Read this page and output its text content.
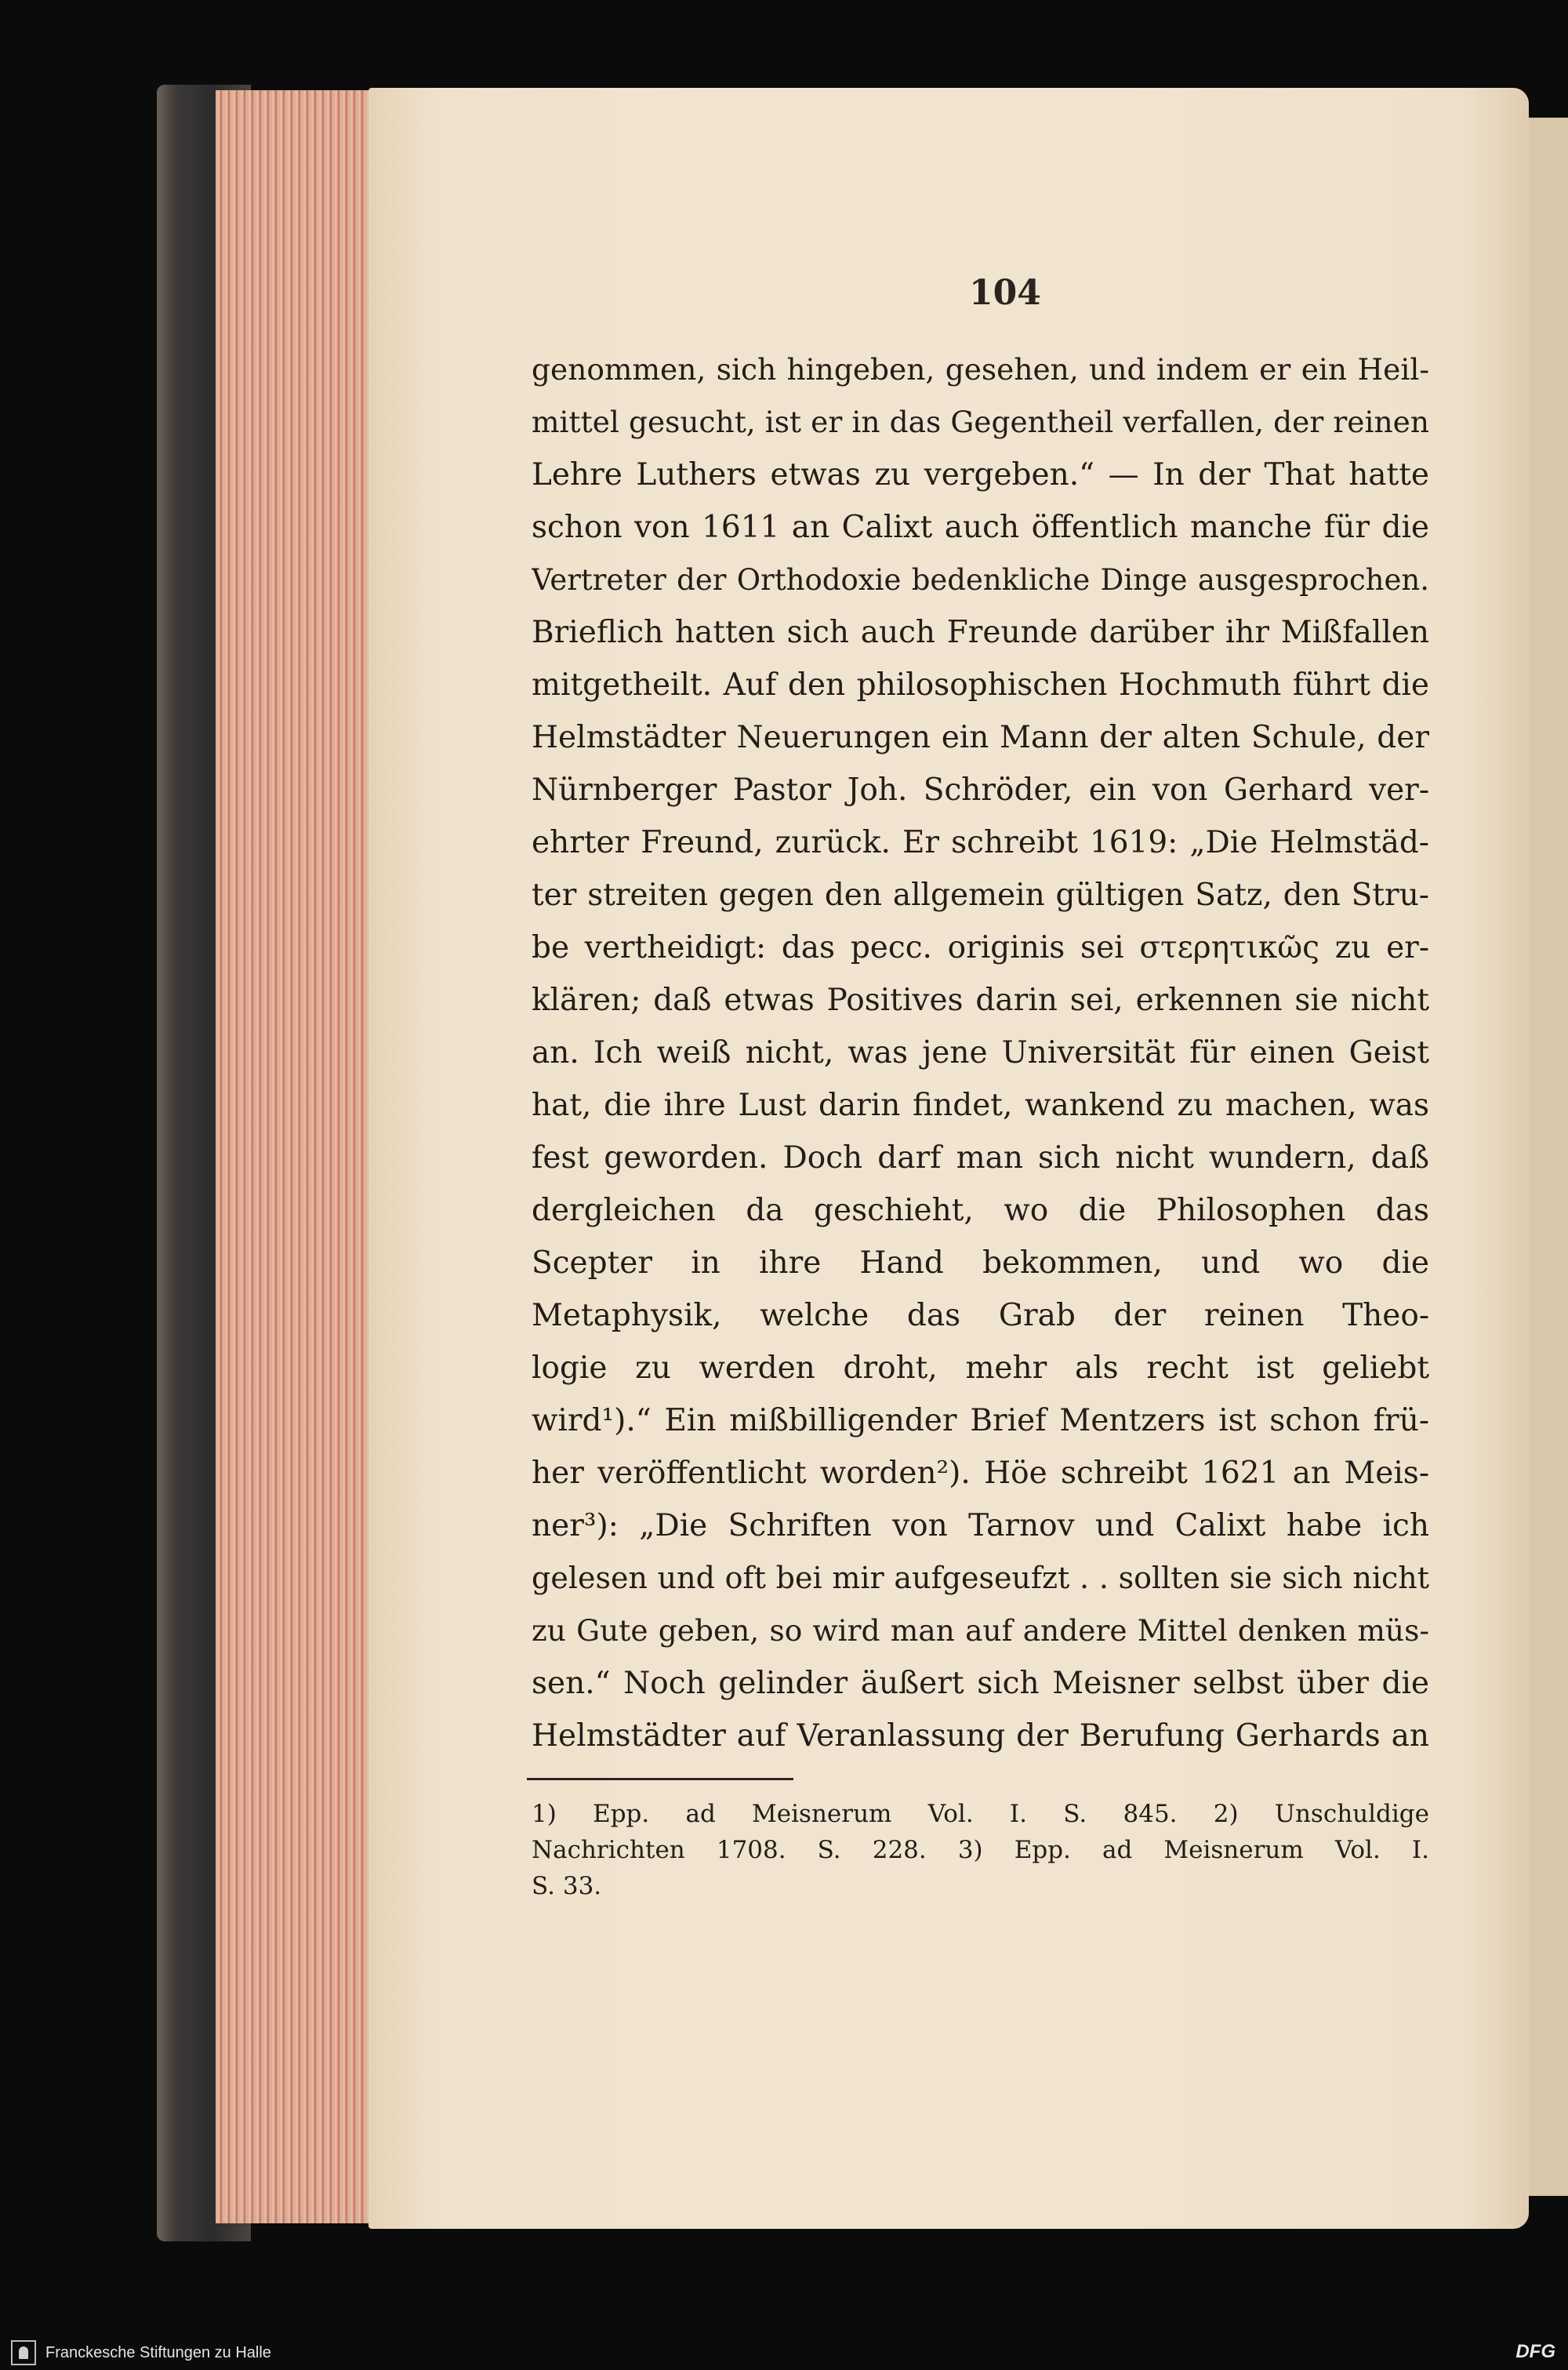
genommen, sich hingeben, gesehen, und indem er ein Heil-
mittel gesucht, ist er in das Gegentheil verfallen, der reinen
Lehre Luthers etwas zu vergeben.“ — In der That hatte
schon von 1611 an Calixt auch öffentlich manche für die
Vertreter der Orthodoxie bedenkliche Dinge ausgesprochen.
Brieflich hatten sich auch Freunde darüber ihr Mißfallen
mitgetheilt. Auf den philosophischen Hochmuth führt die
Helmstädter Neuerungen ein Mann der alten Schule, der
Nürnberger Pastor Joh. Schröder, ein von Gerhard ver-
ehrter Freund, zurück. Er schreibt 1619: „Die Helmstäd-
ter streiten gegen den allgemein gültigen Satz, den Stru-
be vertheidigt: das pecc. originis sei στερητικῶς zu er-
klären; daß etwas Positives darin sei, erkennen sie nicht
an. Ich weiß nicht, was jene Universität für einen Geist
hat, die ihre Lust darin findet, wankend zu machen, was
fest geworden. Doch darf man sich nicht wundern, daß
dergleichen da geschieht, wo die Philosophen das
Scepter in ihre Hand bekommen, und wo die
Metaphysik, welche das Grab der reinen Theo-
logie zu werden droht, mehr als recht ist geliebt
wird¹).“ Ein mißbilligender Brief Mentzers ist schon frü-
her veröffentlicht worden²). Höe schreibt 1621 an Meis-
ner³): „Die Schriften von Tarnov und Calixt habe ich
gelesen und oft bei mir aufgeseufzt . . sollten sie sich nicht
zu Gute geben, so wird man auf andere Mittel denken müs-
sen.“ Noch gelinder äußert sich Meisner selbst über die
Helmstädter auf Veranlassung der Berufung Gerhards an
1) Epp. ad Meisnerum Vol. I. S. 845. 2) Unschuldige
Nachrichten 1708. S. 228. 3) Epp. ad Meisnerum Vol. I.
S. 33.
Franckesche Stiftungen zu Halle	DFG
